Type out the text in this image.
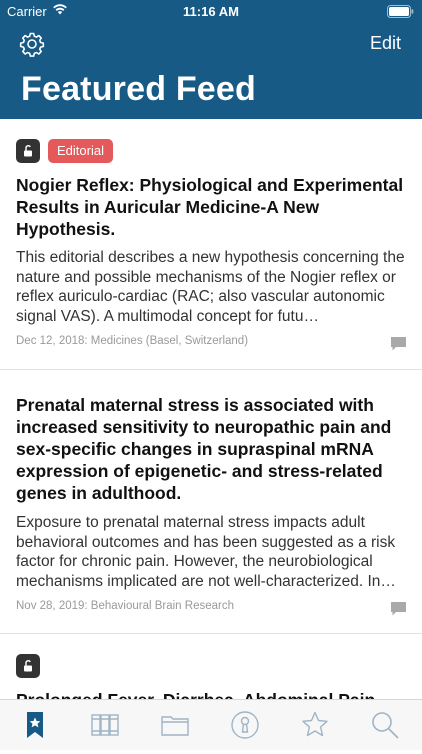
Carrier	11:16 AM
Edit
Featured Feed
Editorial
Nogier Reflex: Physiological and Experimental Results in Auricular Medicine-A New Hypothesis.
This editorial describes a new hypothesis concerning the nature and possible mechanisms of the Nogier reflex or reflex auriculo-cardiac (RAC; also vascular autonomic signal VAS). A multimodal concept for futu…
Dec 12, 2018: Medicines (Basel, Switzerland)
Prenatal maternal stress is associated with increased sensitivity to neuropathic pain and sex-specific changes in supraspinal mRNA expression of epigenetic- and stress-related genes in adulthood.
Exposure to prenatal maternal stress impacts adult behavioral outcomes and has been suggested as a risk factor for chronic pain. However, the neurobiological mechanisms implicated are not well-characterized. In…
Nov 28, 2019: Behavioural Brain Research
